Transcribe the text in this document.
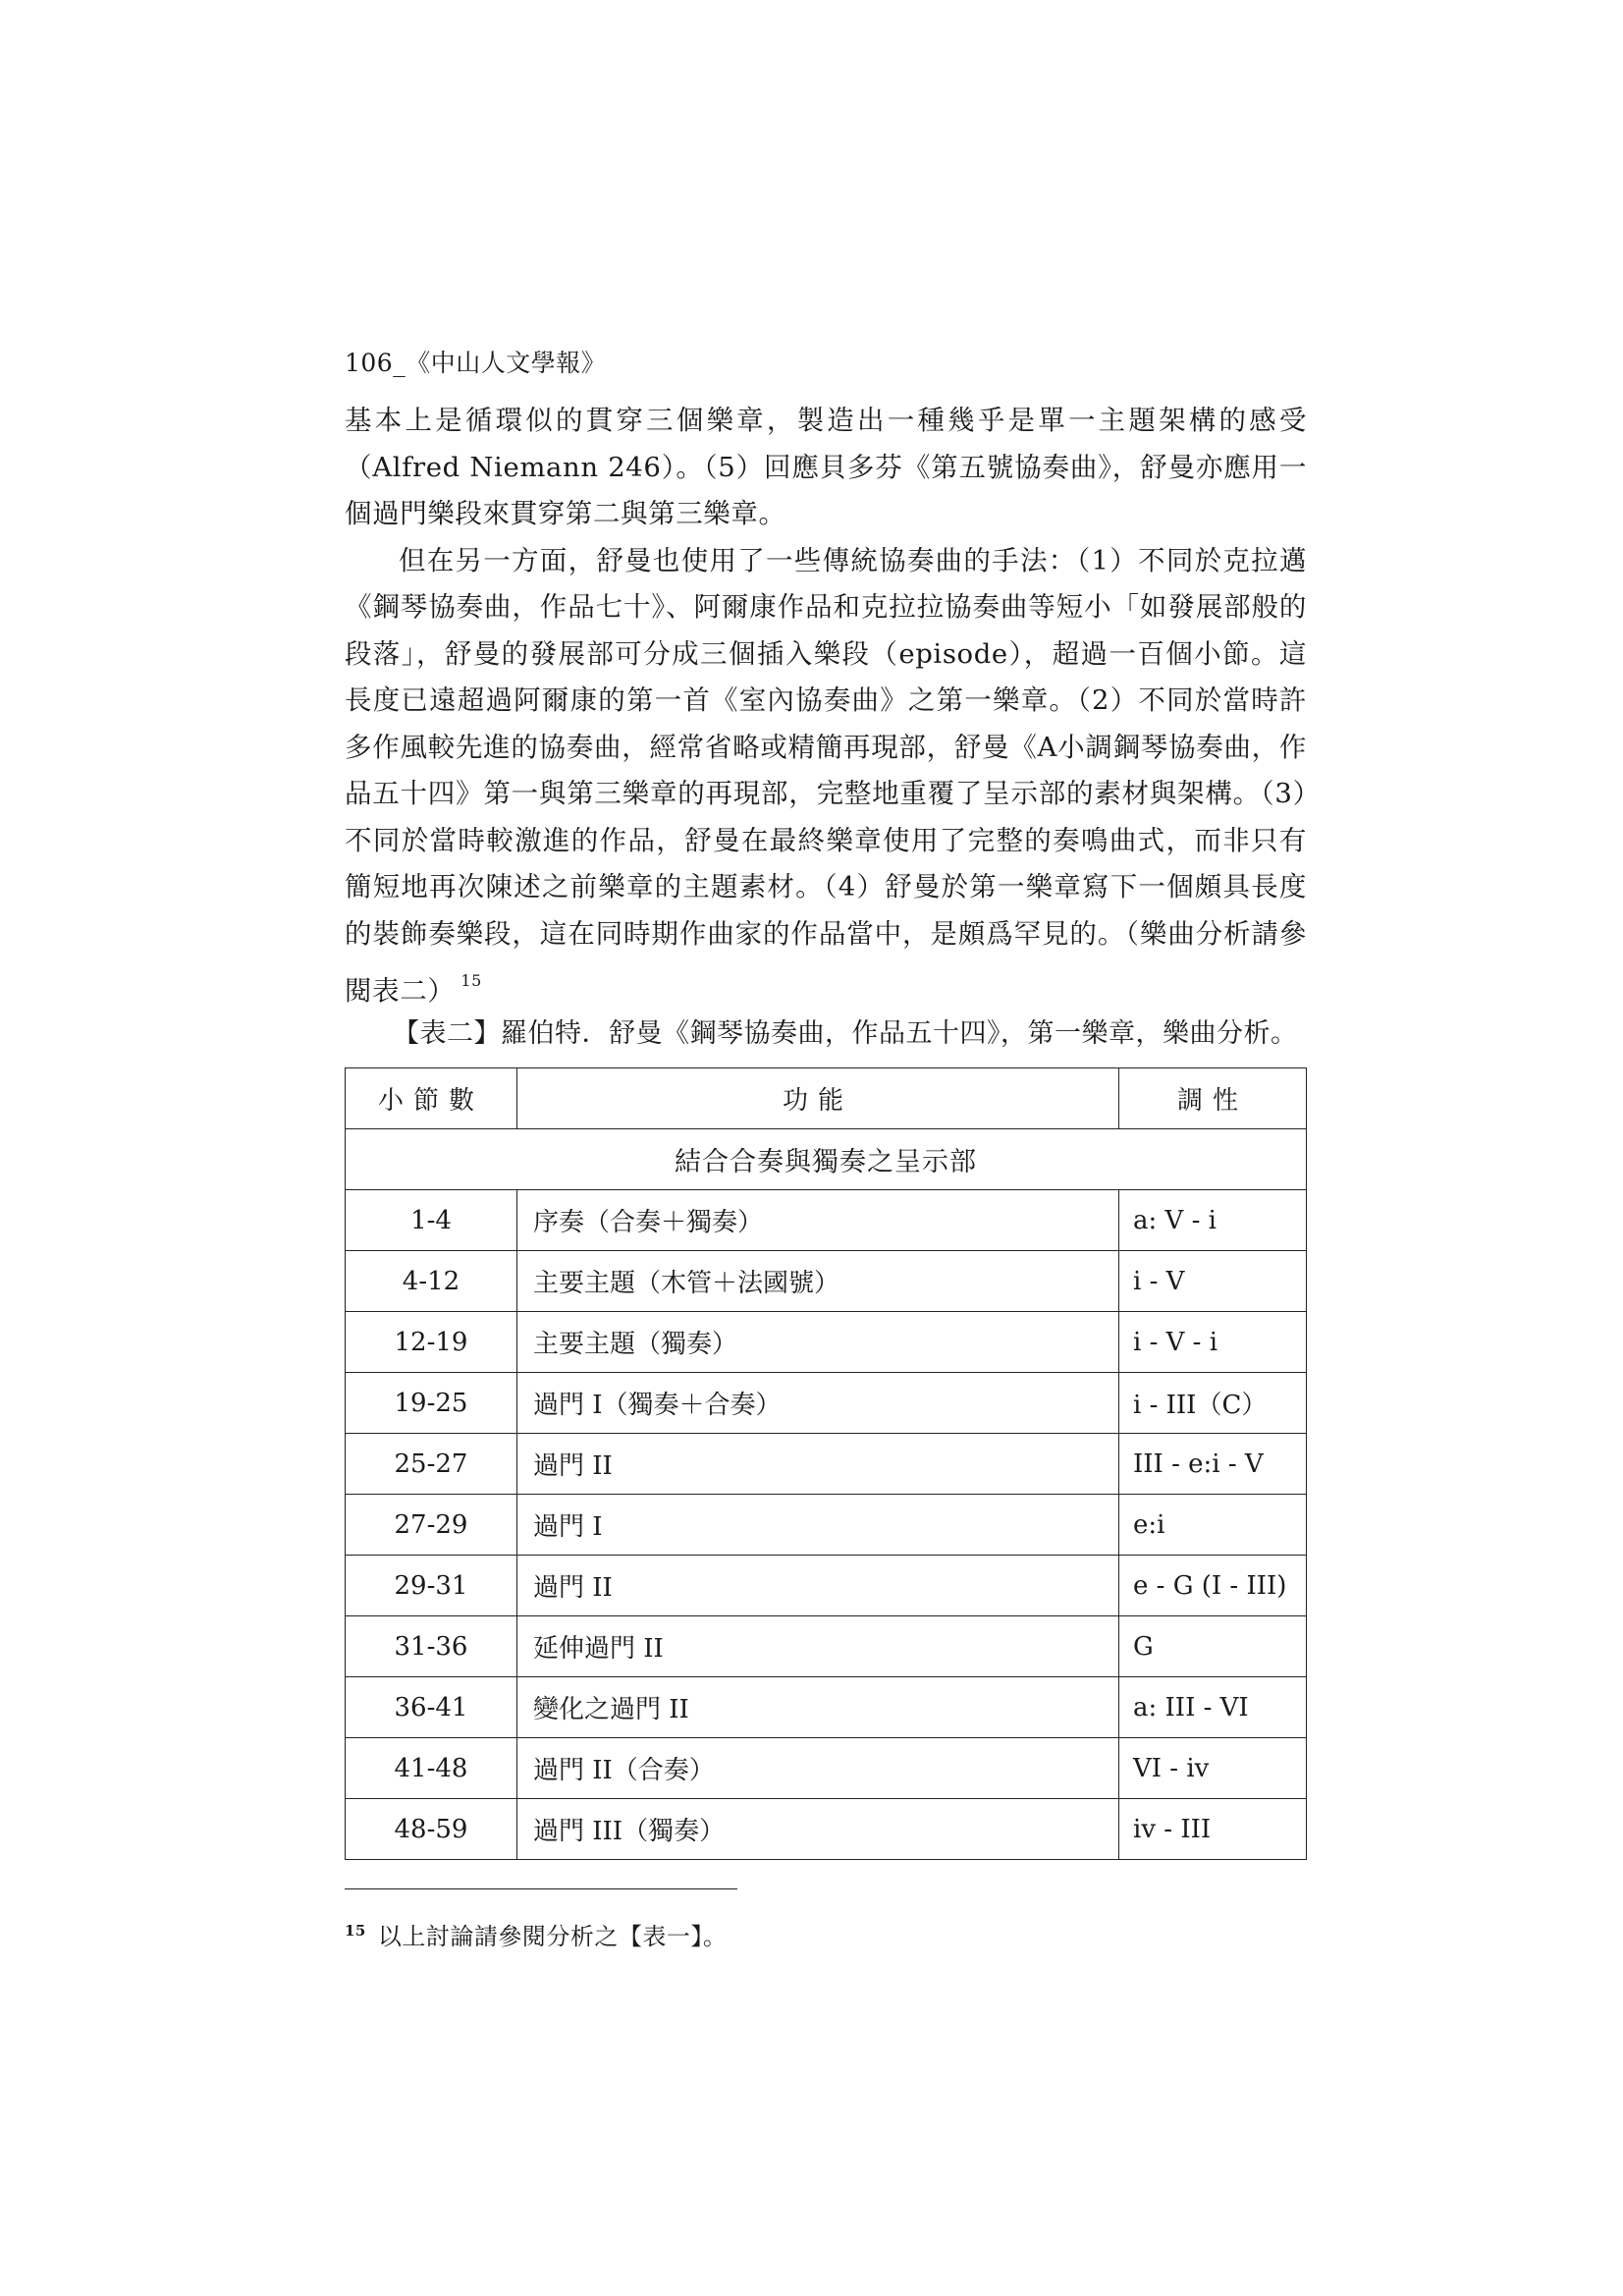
106_《中山人文學報》

基本上是循環似的貫穿三個樂章，製造出一種幾乎是單一主題架構的感受（Alfred Niemann 246）。（5）回應貝多芬《第五號協奏曲》，舒曼亦應用一個過門樂段來貫穿第二與第三樂章。

但在另一方面，舒曼也使用了一些傳統協奏曲的手法：（1）不同於克拉邁《鋼琴協奏曲，作品七十》、阿爾康作品和克拉拉協奏曲等短小「如發展部般的段落」，舒曼的發展部可分成三個插入樂段（episode），超過一百個小節。這長度已遠超過阿爾康的第一首《室內協奏曲》之第一樂章。（2）不同於當時許多作風較先進的協奏曲，經常省略或精簡再現部，舒曼《A小調鋼琴協奏曲，作品五十四》第一與第三樂章的再現部，完整地重覆了呈示部的素材與架構。（3）不同於當時較激進的作品，舒曼在最終樂章使用了完整的奏鳴曲式，而非只有簡短地再次陳述之前樂章的主題素材。（4）舒曼於第一樂章寫下一個頗具長度的裝飾奏樂段，這在同時期作曲家的作品當中，是頗爲罕見的。（樂曲分析請參閱表二） $^{15}$

【表二】羅伯特．舒曼《鋼琴協奏曲，作品五十四》，第一樂章，樂曲分析。
小節數	功能	調性
結合合奏與獨奏之呈示部		
1-4	序奏（合奏＋獨奏）	a: V - i
4-12	主要主題（木管＋法國號）	i - V
12-19	主要主題（獨奏）	i - V - i
19-25	過門 I（獨奏＋合奏）	i - III（C）
25-27	過門 II	III - e:i - V
27-29	過門 I	e:i
29-31	過門 II	e - G (I - III)
31-36	延伸過門 II	G
36-41	變化之過門 II	a: III - VI
41-48	過門 II（合奏）	VI - iv
48-59	過門 III（獨奏）	iv - III
$^{15}$ 以上討論請參閱分析之【表一】。
